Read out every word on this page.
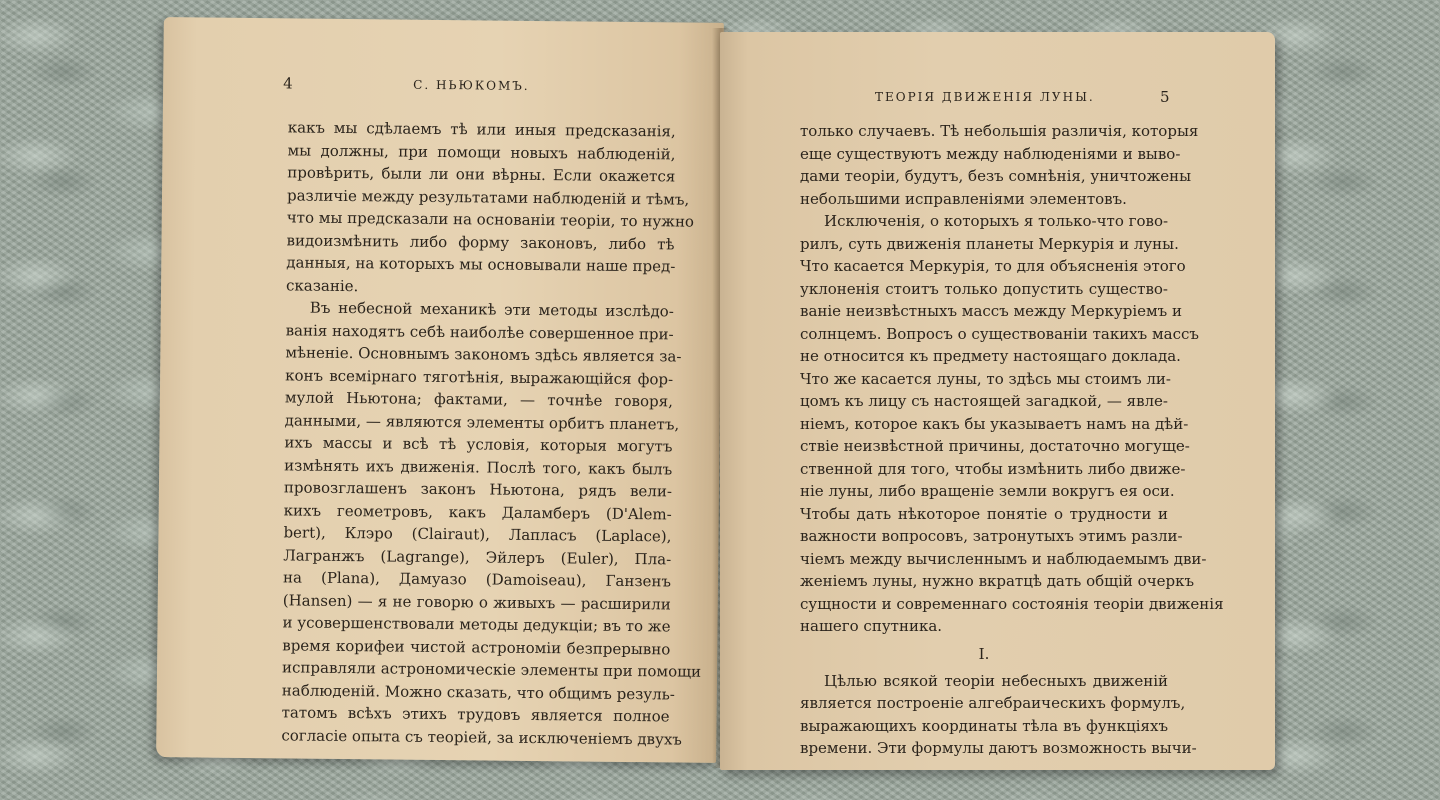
4	С. НЬЮКОМЪ.
какъ мы сдѣлаемъ тѣ или иныя предсказанія,
мы должны, при помощи новыхъ наблюденій,
провѣрить, были ли они вѣрны. Если окажется
различіе между результатами наблюденій и тѣмъ,
что мы предсказали на основаніи теоріи, то нужно
видоизмѣнить либо форму законовъ, либо тѣ
данныя, на которыхъ мы основывали наше пред-
сказаніе.
Въ небесной механикѣ эти методы изслѣдо-
ванія находятъ себѣ наиболѣе совершенное при-
мѣненіе. Основнымъ закономъ здѣсь является за-
конъ всемірнаго тяготѣнія, выражающійся фор-
мулой Ньютона; фактами, — точнѣе говоря,
данными, — являются элементы орбитъ планетъ,
ихъ массы и всѣ тѣ условія, которыя могутъ
измѣнять ихъ движенія. Послѣ того, какъ былъ
провозглашенъ законъ Ньютона, рядъ вели-
кихъ геометровъ, какъ Даламберъ (D'Alem-
bert), Клэро (Clairaut), Лапласъ (Laplace),
Лагранжъ (Lagrange), Эйлеръ (Euler), Пла-
на (Plana), Дамуазо (Damoiseau), Ганзенъ
(Hansen) — я не говорю о живыхъ — расширили
и усовершенствовали методы дедукціи; въ то же
время корифеи чистой астрономіи безпрерывно
исправляли астрономическіе элементы при помощи
наблюденій. Можно сказать, что общимъ резуль-
татомъ всѣхъ этихъ трудовъ является полное
согласіе опыта съ теоріей, за исключеніемъ двухъ
ТЕОРІЯ ДВИЖЕНІЯ ЛУНЫ.	5
только случаевъ. Тѣ небольшія различія, которыя
еще существуютъ между наблюденіями и выво-
дами теоріи, будутъ, безъ сомнѣнія, уничтожены
небольшими исправленіями элементовъ.
Исключенія, о которыхъ я только-что гово-
рилъ, суть движенія планеты Меркурія и луны.
Что касается Меркурія, то для объясненія этого
уклоненія стоитъ только допустить существо-
ваніе неизвѣстныхъ массъ между Меркуріемъ и
солнцемъ. Вопросъ о существованіи такихъ массъ
не относится къ предмету настоящаго доклада.
Что же касается луны, то здѣсь мы стоимъ ли-
цомъ къ лицу съ настоящей загадкой, — явле-
ніемъ, которое какъ бы указываетъ намъ на дѣй-
ствіе неизвѣстной причины, достаточно могуще-
ственной для того, чтобы измѣнить либо движе-
ніе луны, либо вращеніе земли вокругъ ея оси.
Чтобы дать нѣкоторое понятіе о трудности и
важности вопросовъ, затронутыхъ этимъ разли-
чіемъ между вычисленнымъ и наблюдаемымъ дви-
женіемъ луны, нужно вкратцѣ дать общій очеркъ
сущности и современнаго состоянія теоріи движенія
нашего спутника.
I.
Цѣлью всякой теоріи небесныхъ движеній
является построеніе алгебраическихъ формулъ,
выражающихъ координаты тѣла въ функціяхъ
времени. Эти формулы даютъ возможность вычи-
